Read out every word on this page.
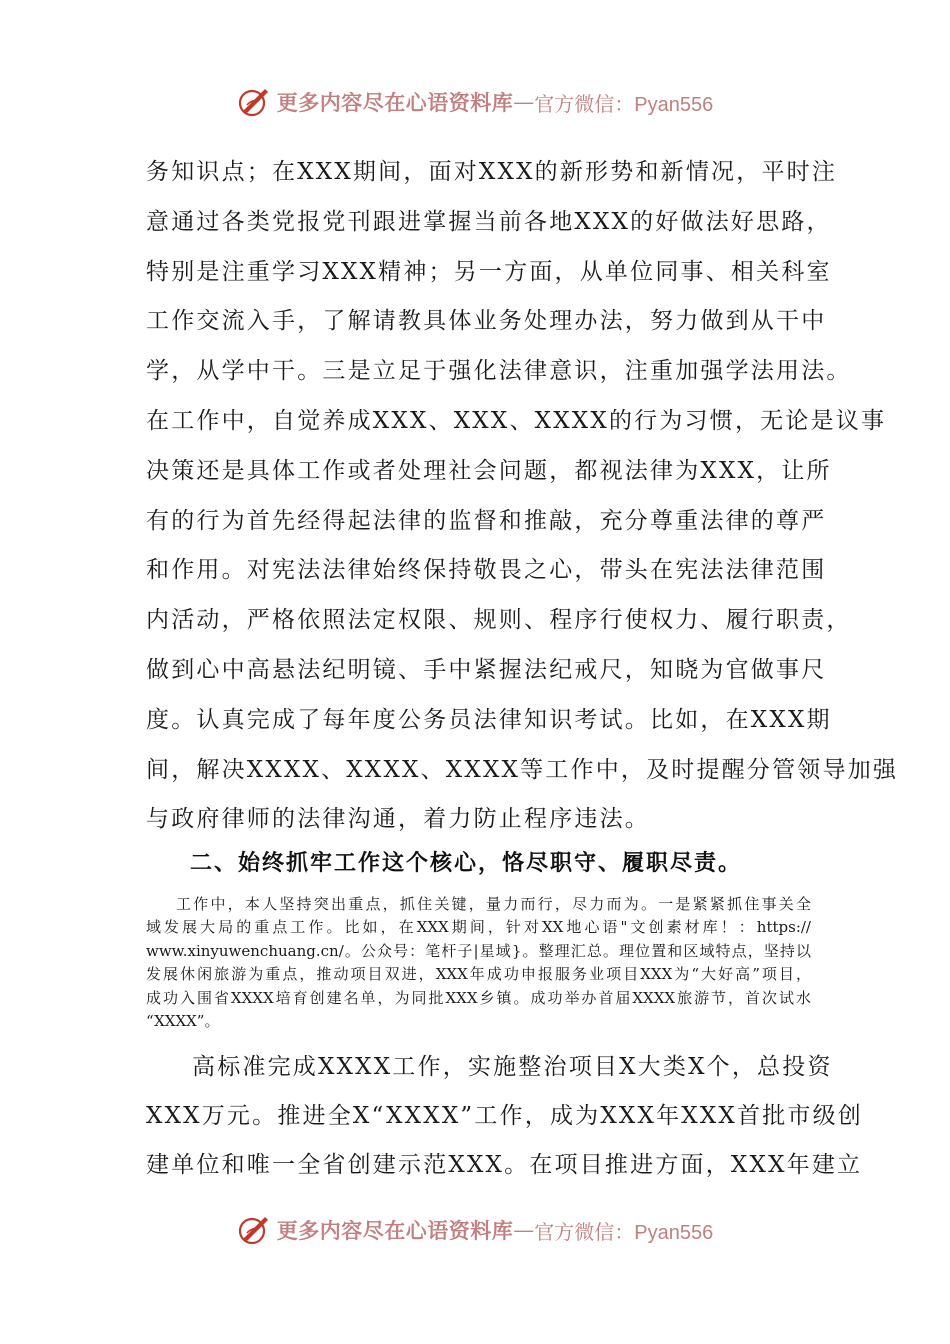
更多内容尽在心语资料库 — 官方微信：Pyan556
务知识点；在XXX期间，面对XXX的新形势和新情况，平时注
意通过各类党报党刊跟进掌握当前各地XXX的好做法好思路，
特别是注重学习XXX精神；另一方面，从单位同事、相关科室
工作交流入手，了解请教具体业务处理办法，努力做到从干中
学，从学中干。三是立足于强化法律意识，注重加强学法用法。
在工作中，自觉养成XXX、XXX、XXXX的行为习惯，无论是议事
决策还是具体工作或者处理社会问题，都视法律为XXX，让所
有的行为首先经得起法律的监督和推敲，充分尊重法律的尊严
和作用。对宪法法律始终保持敬畏之心，带头在宪法法律范围
内活动，严格依照法定权限、规则、程序行使权力、履行职责，
做到心中高悬法纪明镜、手中紧握法纪戒尺，知晓为官做事尺
度。认真完成了每年度公务员法律知识考试。比如，在XXX期
间，解决XXXX、XXXX、XXXX等工作中，及时提醒分管领导加强
与政府律师的法律沟通，着力防止程序违法。
二、始终抓牢工作这个核心，恪尽职守、履职尽责。
工作中，本人坚持突出重点，抓住关键，量力而行，尽力而为。一是紧紧抓住事关全
域发展大局的重点工作。比如，在XXX期间，针对XX地心语"文创素材库！：https://
www.xinyuwenchuang.cn/。公众号：笔杆子|星域}。整理汇总。理位置和区域特点，坚持以
发展休闲旅游为重点，推动项目双进，XXX年成功申报服务业项目XXX为“大好高”项目，
成功入围省XXXX培育创建名单，为同批XXX乡镇。成功举办首届XXXX旅游节，首次试水
“XXXX”。
高标准完成XXXX工作，实施整治项目X大类X个，总投资
XXX万元。推进全X“XXXX”工作，成为XXX年XXX首批市级创
建单位和唯一全省创建示范XXX。在项目推进方面，XXX年建立
更多内容尽在心语资料库 — 官方微信：Pyan556
